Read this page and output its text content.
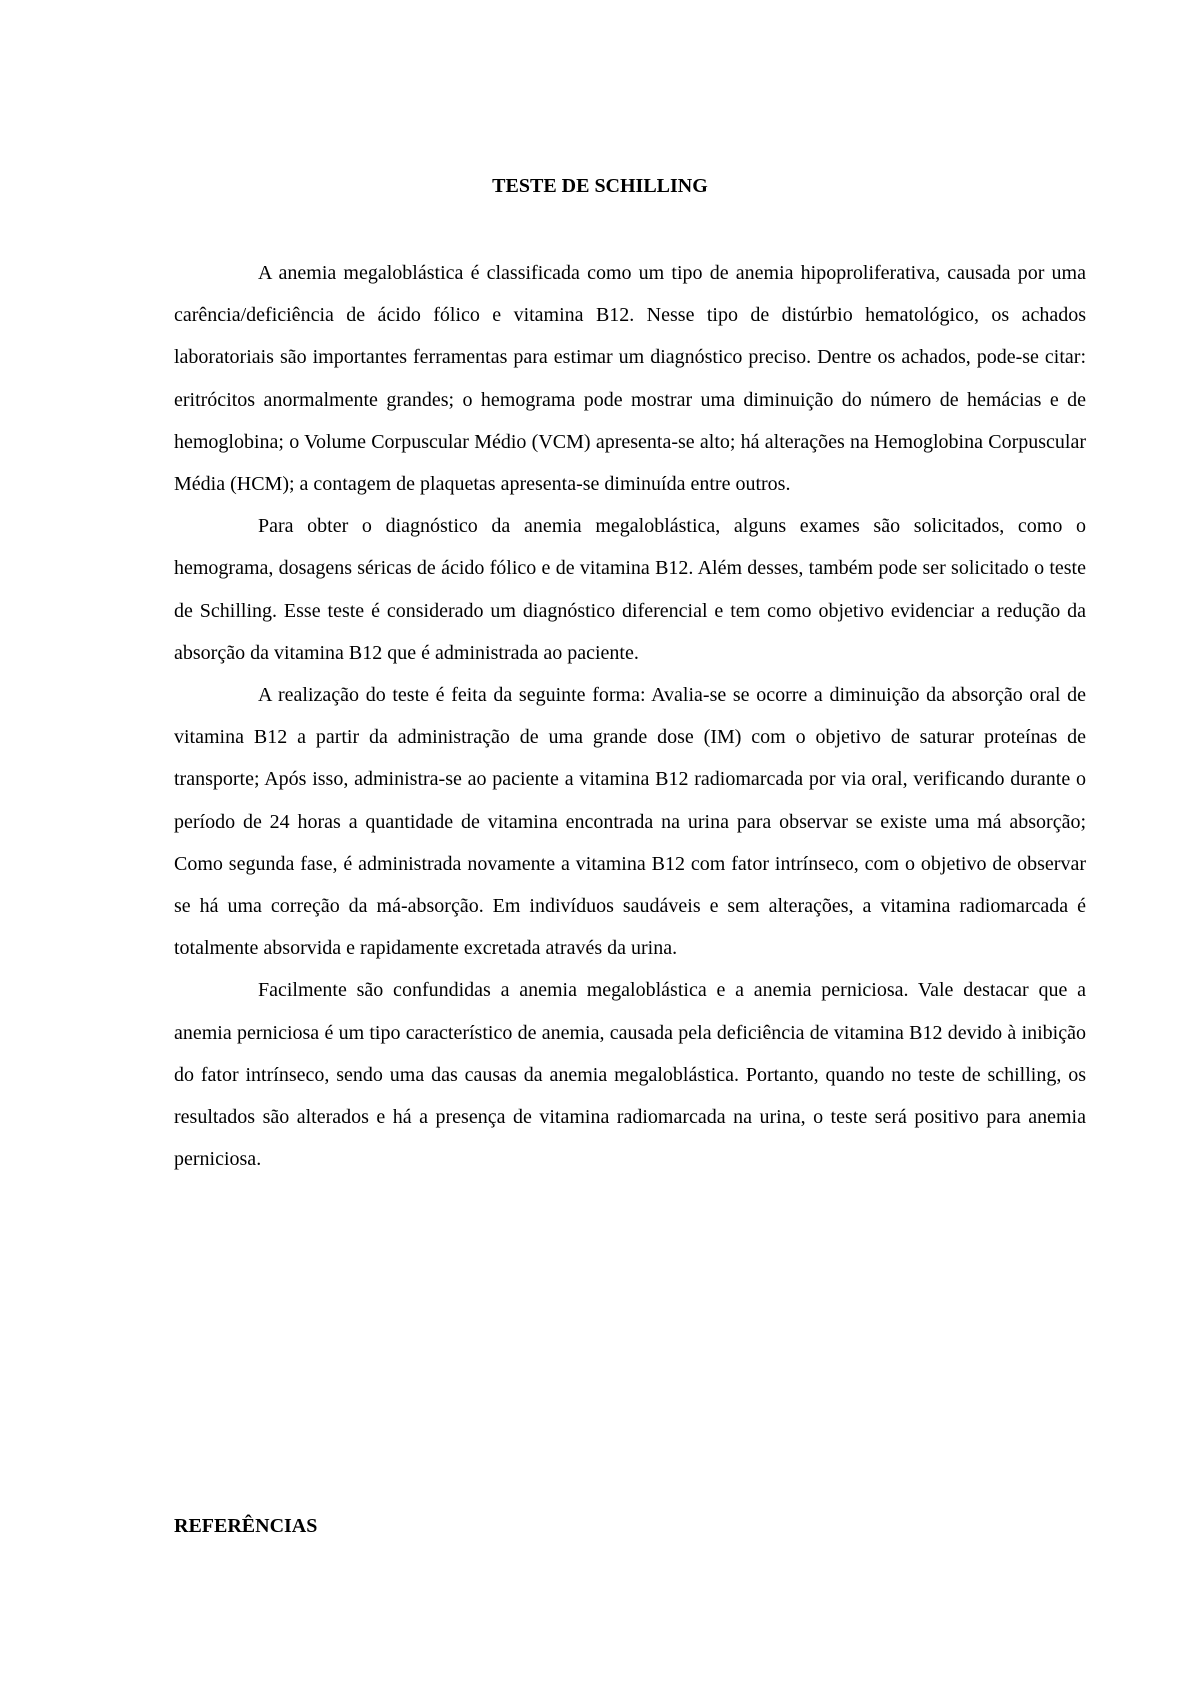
TESTE DE SCHILLING

A anemia megaloblástica é classificada como um tipo de anemia hipoproliferativa, causada por uma carência/deficiência de ácido fólico e vitamina B12. Nesse tipo de distúrbio hematológico, os achados laboratoriais são importantes ferramentas para estimar um diagnóstico preciso. Dentre os achados, pode-se citar: eritrócitos anormalmente grandes; o hemograma pode mostrar uma diminuição do número de hemácias e de hemoglobina; o Volume Corpuscular Médio (VCM) apresenta-se alto; há alterações na Hemoglobina Corpuscular Média (HCM); a contagem de plaquetas apresenta-se diminuída entre outros.

Para obter o diagnóstico da anemia megaloblástica, alguns exames são solicitados, como o hemograma, dosagens séricas de ácido fólico e de vitamina B12. Além desses, também pode ser solicitado o teste de Schilling. Esse teste é considerado um diagnóstico diferencial e tem como objetivo evidenciar a redução da absorção da vitamina B12 que é administrada ao paciente.

A realização do teste é feita da seguinte forma: Avalia-se se ocorre a diminuição da absorção oral de vitamina B12 a partir da administração de uma grande dose (IM) com o objetivo de saturar proteínas de transporte; Após isso, administra-se ao paciente a vitamina B12 radiomarcada por via oral, verificando durante o período de 24 horas a quantidade de vitamina encontrada na urina para observar se existe uma má absorção; Como segunda fase, é administrada novamente a vitamina B12 com fator intrínseco, com o objetivo de observar se há uma correção da má-absorção. Em indivíduos saudáveis e sem alterações, a vitamina radiomarcada é totalmente absorvida e rapidamente excretada através da urina.

Facilmente são confundidas a anemia megaloblástica e a anemia perniciosa. Vale destacar que a anemia perniciosa é um tipo característico de anemia, causada pela deficiência de vitamina B12 devido à inibição do fator intrínseco, sendo uma das causas da anemia megaloblástica. Portanto, quando no teste de schilling, os resultados são alterados e há a presença de vitamina radiomarcada na urina, o teste será positivo para anemia perniciosa.

REFERÊNCIAS
